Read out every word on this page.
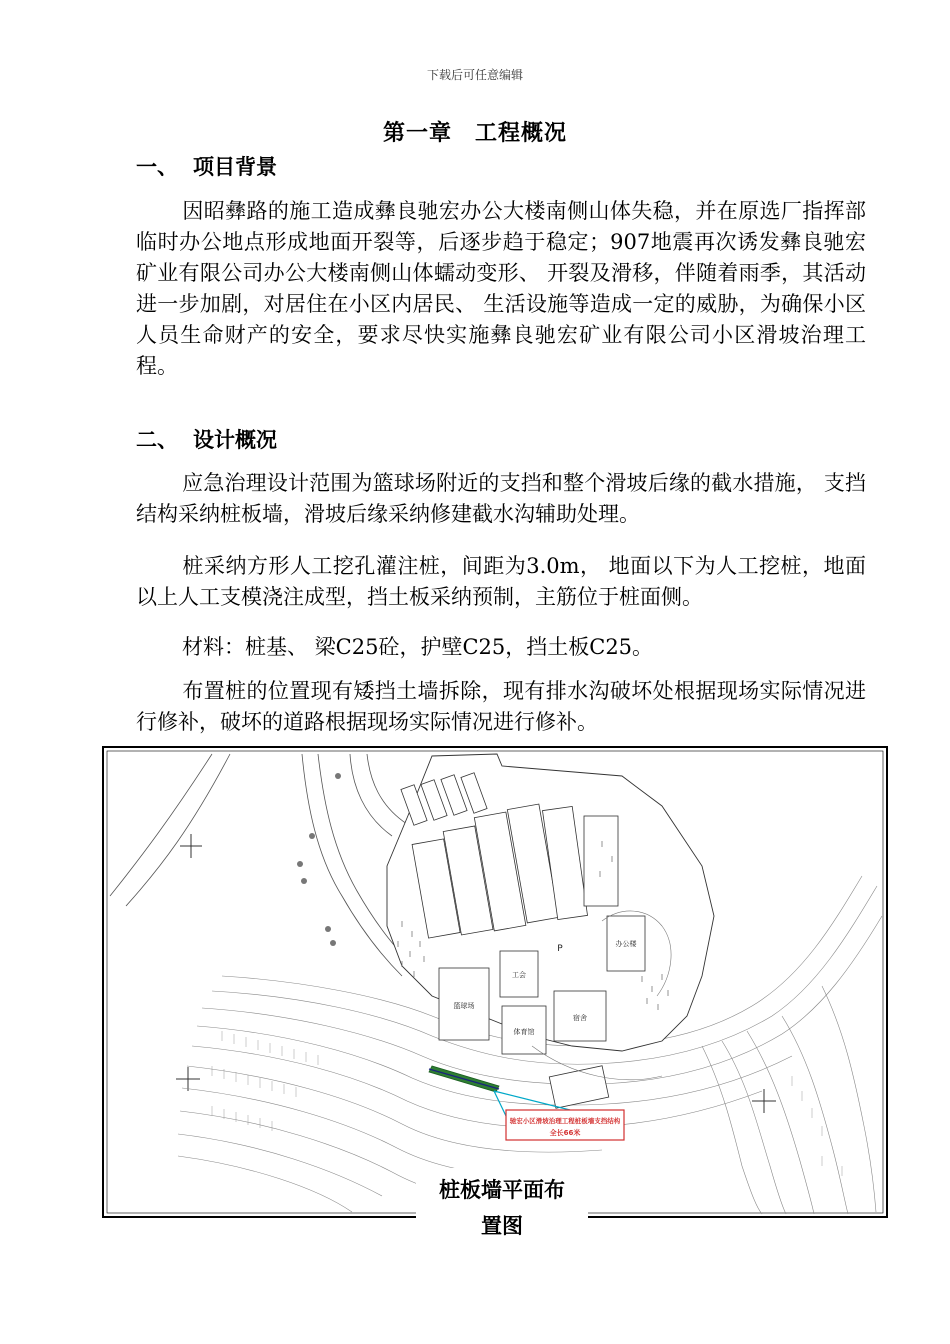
下载后可任意编辑
第一章　工程概况
一、 项目背景
因昭彝路的施工造成彝良驰宏办公大楼南侧山体失稳，并在原选厂指挥部临时办公地点形成地面开裂等，后逐步趋于稳定；907地震再次诱发彝良驰宏矿业有限公司办公大楼南侧山体蠕动变形、 开裂及滑移，伴随着雨季，其活动进一步加剧，对居住在小区内居民、 生活设施等造成一定的威胁，为确保小区人员生命财产的安全，要求尽快实施彝良驰宏矿业有限公司小区滑坡治理工程。
二、 设计概况
应急治理设计范围为篮球场附近的支挡和整个滑坡后缘的截水措施， 支挡结构采纳桩板墙，滑坡后缘采纳修建截水沟辅助处理。
桩采纳方形人工挖孔灌注桩，间距为3.0m， 地面以下为人工挖桩，地面以上人工支模浇注成型，挡土板采纳预制，主筋位于桩面侧。
材料：桩基、 梁C25砼，护壁C25，挡土板C25。
布置桩的位置现有矮挡土墙拆除，现有排水沟破坏处根据现场实际情况进行修补，破坏的道路根据现场实际情况进行修补。
篮球场
工会
体育馆
办公楼
宿舍
P
驰宏小区滑坡治理工程桩板墙支挡结构
全长66米
桩板墙平面布
置图
